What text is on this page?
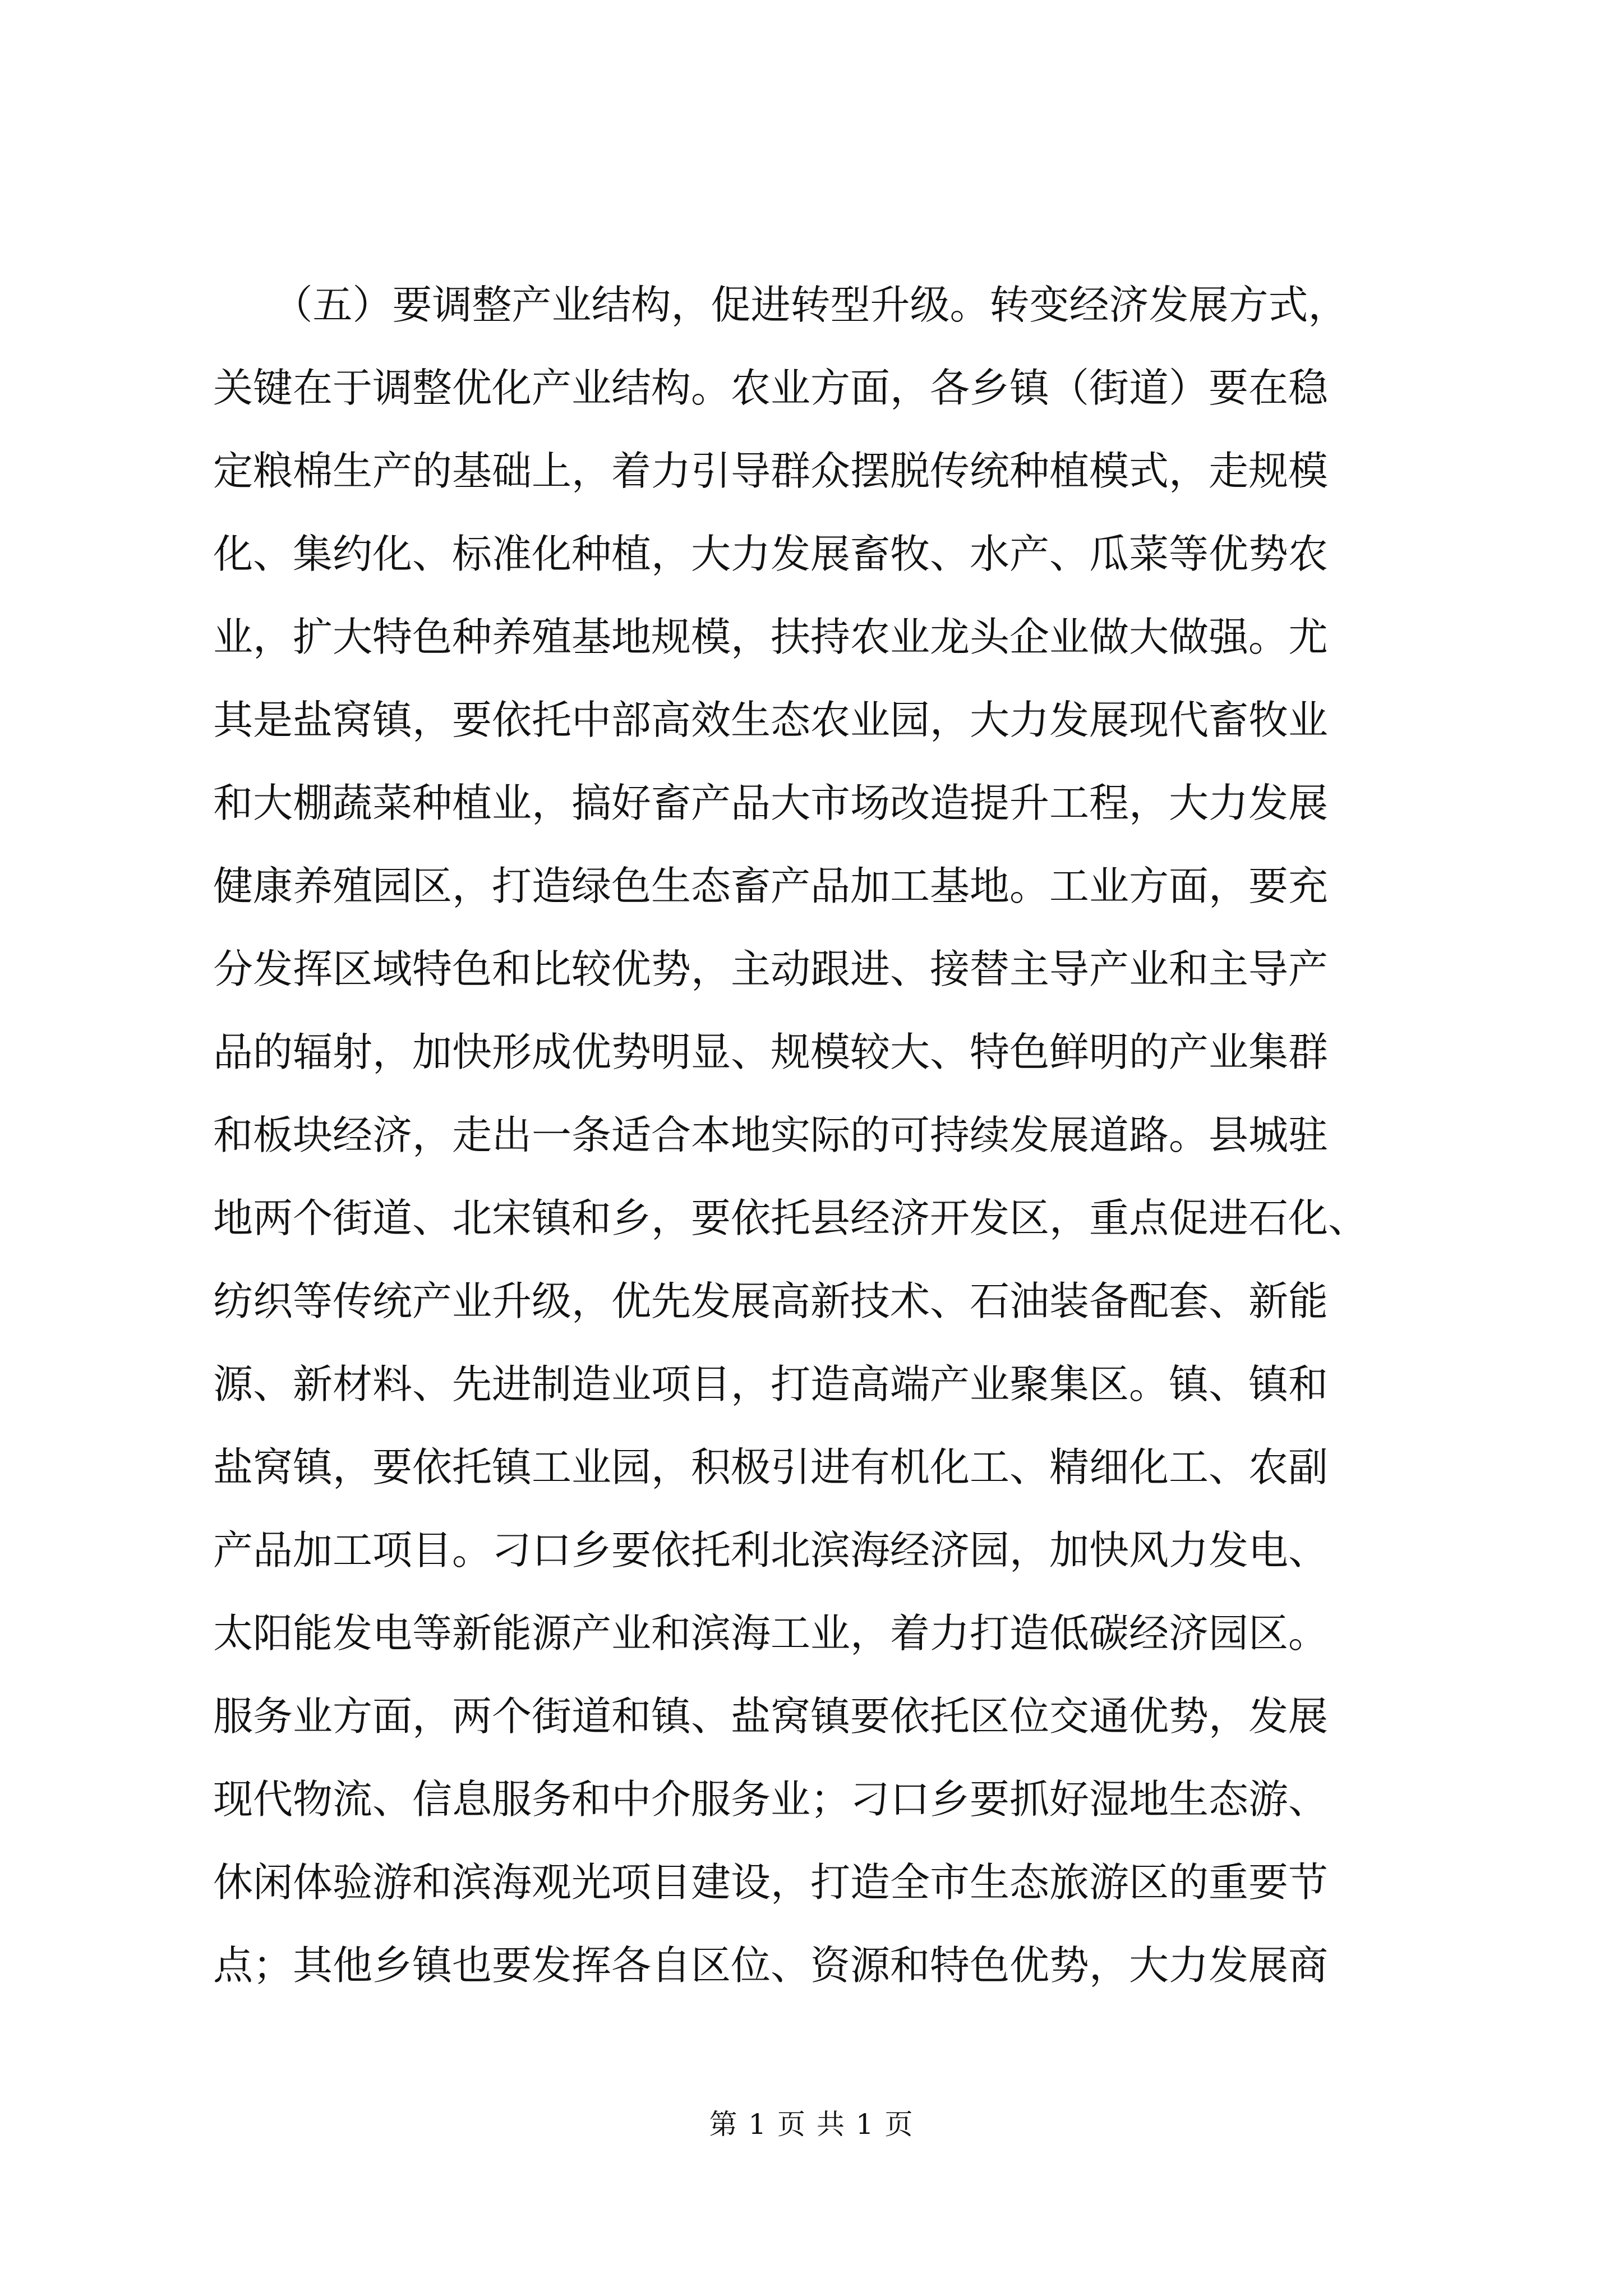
　　（五）要调整产业结构，促进转型升级。转变经济发展方式，
关键在于调整优化产业结构。农业方面，各乡镇（街道）要在稳
定粮棉生产的基础上，着力引导群众摆脱传统种植模式，走规模
化、集约化、标准化种植，大力发展畜牧、水产、瓜菜等优势农
业，扩大特色种养殖基地规模，扶持农业龙头企业做大做强。尤
其是盐窝镇，要依托中部高效生态农业园，大力发展现代畜牧业
和大棚蔬菜种植业，搞好畜产品大市场改造提升工程，大力发展
健康养殖园区，打造绿色生态畜产品加工基地。工业方面，要充
分发挥区域特色和比较优势，主动跟进、接替主导产业和主导产
品的辐射，加快形成优势明显、规模较大、特色鲜明的产业集群
和板块经济，走出一条适合本地实际的可持续发展道路。县城驻
地两个街道、北宋镇和乡，要依托县经济开发区，重点促进石化、
纺织等传统产业升级，优先发展高新技术、石油装备配套、新能
源、新材料、先进制造业项目，打造高端产业聚集区。镇、镇和
盐窝镇，要依托镇工业园，积极引进有机化工、精细化工、农副
产品加工项目。刁口乡要依托利北滨海经济园，加快风力发电、
太阳能发电等新能源产业和滨海工业，着力打造低碳经济园区。
服务业方面，两个街道和镇、盐窝镇要依托区位交通优势，发展
现代物流、信息服务和中介服务业；刁口乡要抓好湿地生态游、
休闲体验游和滨海观光项目建设，打造全市生态旅游区的重要节
点；其他乡镇也要发挥各自区位、资源和特色优势，大力发展商
第 1 页 共 1 页
